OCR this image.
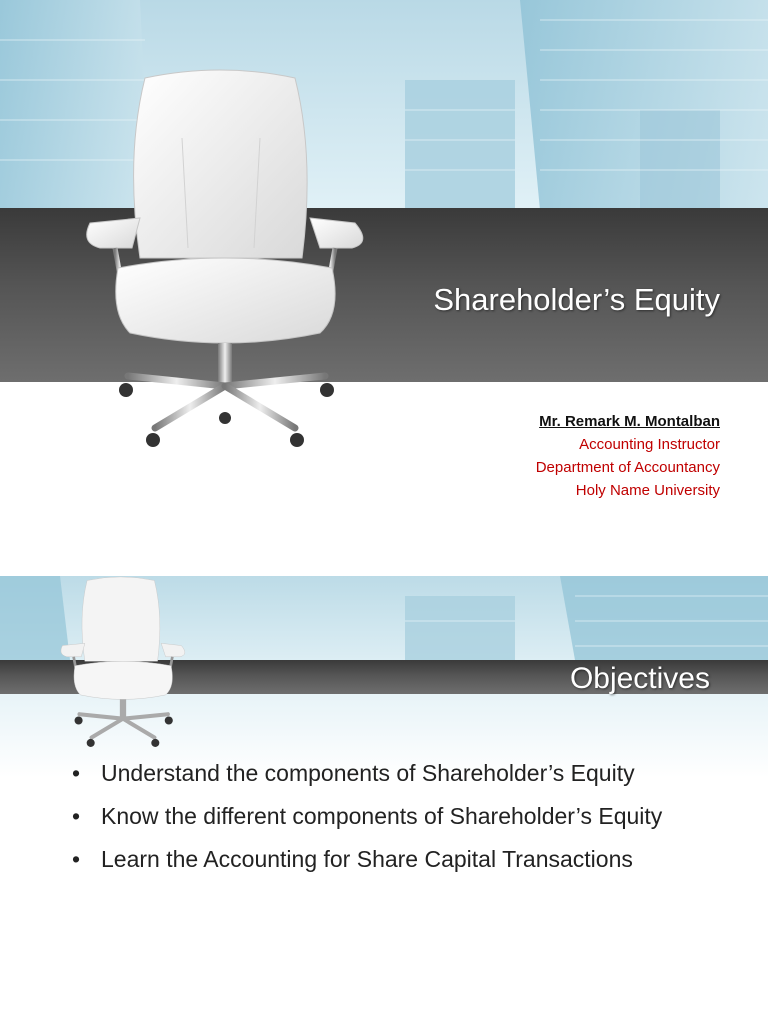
Shareholder’s Equity
Mr. Remark M. Montalban
Accounting Instructor
Department of Accountancy
Holy Name University
Objectives
• Understand the components of Shareholder’s Equity
• Know the different components of Shareholder’s Equity
• Learn the Accounting for Share Capital Transactions
